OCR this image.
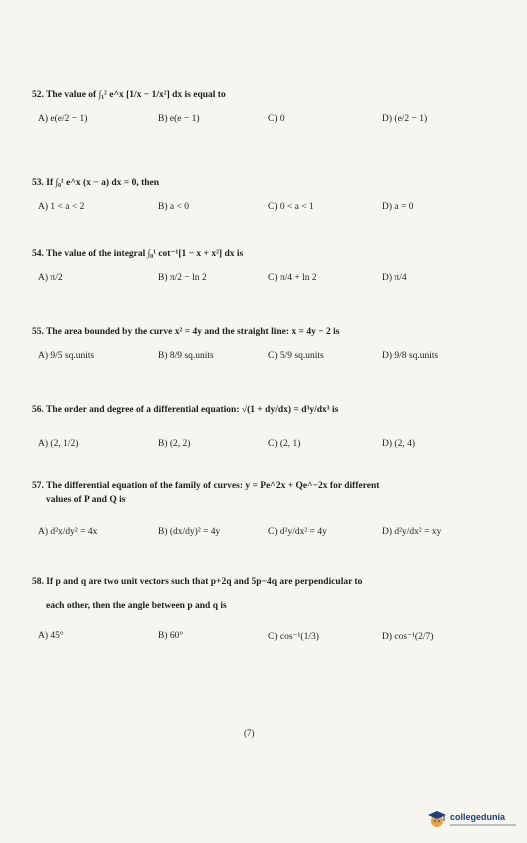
52. The value of ∫₁² e^x [1/x − 1/x²] dx is equal to
A) e(e/2 − 1)	B) e(e − 1)	C) 0	D) (e/2 − 1)
53. If ∫₀¹ e^x (x − a) dx = 0, then
A) 1 < a < 2	B) a < 0	C) 0 < a < 1	D) a = 0
54. The value of the integral ∫₀¹ cot⁻¹[1 − x + x²] dx is
A) π/2	B) π/2 − ln 2	C) π/4 + ln 2	D) π/4
55. The area bounded by the curve x² = 4y and the straight line: x = 4y − 2 is
A) 9/5 sq.units	B) 8/9 sq.units	C) 5/9 sq.units	D) 9/8 sq.units
56. The order and degree of a differential equation: √(1 + dy/dx) = d³y/dx³ is
A) (2, 1/2)	B) (2, 2)	C) (2, 1)	D) (2, 4)
57. The differential equation of the family of curves: y = Pe^2x + Qe^−2x for different
values of P and Q is
A) d²x/dy² = 4x	B) (dx/dy)² = 4y	C) d²y/dx² = 4y	D) d²y/dx² = xy
58. If p and q are two unit vectors such that p+2q and 5p−4q are perpendicular to
each other, then the angle between p and q is
A) 45°	B) 60°	C) cos⁻¹(1/3)	D) cos⁻¹(2/7)
(7)
collegedunia
